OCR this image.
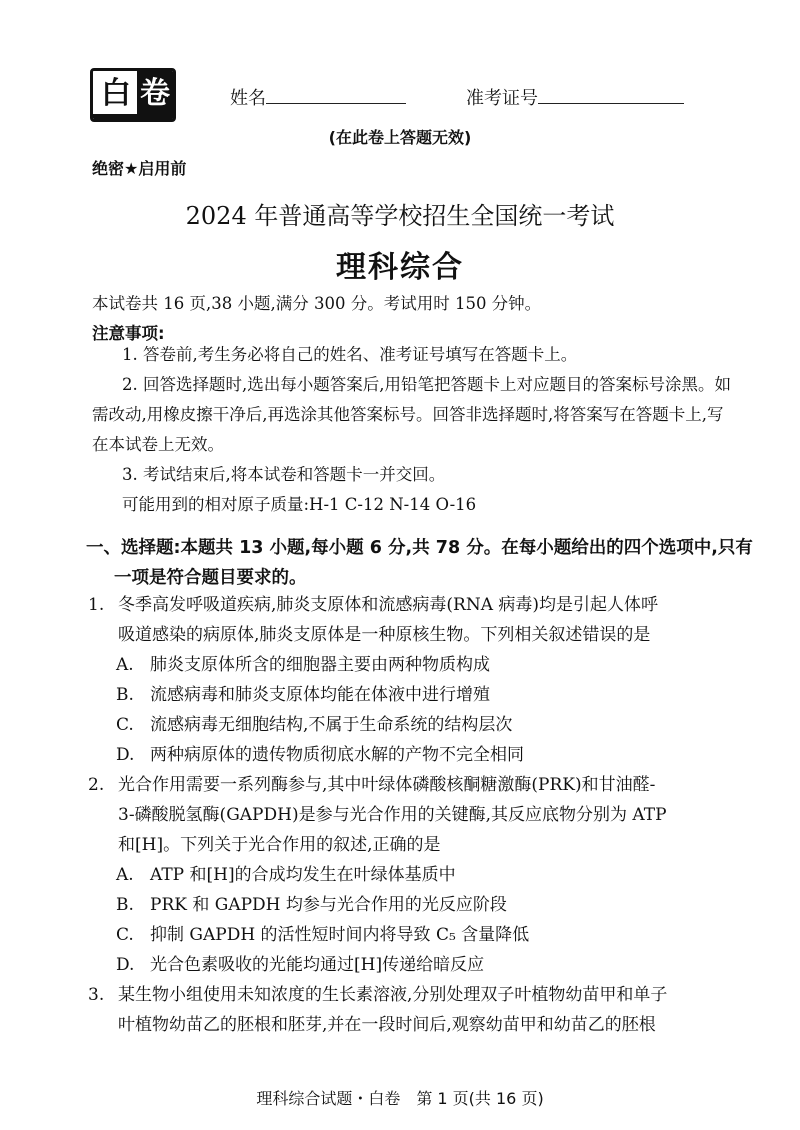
白 卷	姓名	准考证号
(在此卷上答题无效)
绝密★启用前
2024 年普通高等学校招生全国统一考试
理科综合
本试卷共 16 页,38 小题,满分 300 分。考试用时 150 分钟。
注意事项:
1. 答卷前,考生务必将自己的姓名、准考证号填写在答题卡上。
2. 回答选择题时,选出每小题答案后,用铅笔把答题卡上对应题目的答案标号涂黑。如需改动,用橡皮擦干净后,再选涂其他答案标号。回答非选择题时,将答案写在答题卡上,写在本试卷上无效。
3. 考试结束后,将本试卷和答题卡一并交回。
可能用到的相对原子质量:H-1 C-12 N-14 O-16
一、选择题:本题共 13 小题,每小题 6 分,共 78 分。在每小题给出的四个选项中,只有一项是符合题目要求的。
1. 冬季高发呼吸道疾病,肺炎支原体和流感病毒(RNA 病毒)均是引起人体呼
吸道感染的病原体,肺炎支原体是一种原核生物。下列相关叙述错误的是
A. 肺炎支原体所含的细胞器主要由两种物质构成
B. 流感病毒和肺炎支原体均能在体液中进行增殖
C. 流感病毒无细胞结构,不属于生命系统的结构层次
D. 两种病原体的遗传物质彻底水解的产物不完全相同
2. 光合作用需要一系列酶参与,其中叶绿体磷酸核酮糖激酶(PRK)和甘油醛-
3-磷酸脱氢酶(GAPDH)是参与光合作用的关键酶,其反应底物分别为 ATP
和[H]。下列关于光合作用的叙述,正确的是
A. ATP 和[H]的合成均发生在叶绿体基质中
B. PRK 和 GAPDH 均参与光合作用的光反应阶段
C. 抑制 GAPDH 的活性短时间内将导致 C₅ 含量降低
D. 光合色素吸收的光能均通过[H]传递给暗反应
3. 某生物小组使用未知浓度的生长素溶液,分别处理双子叶植物幼苗甲和单子
叶植物幼苗乙的胚根和胚芽,并在一段时间后,观察幼苗甲和幼苗乙的胚根
理科综合试题・白卷　第 1 页(共 16 页)
